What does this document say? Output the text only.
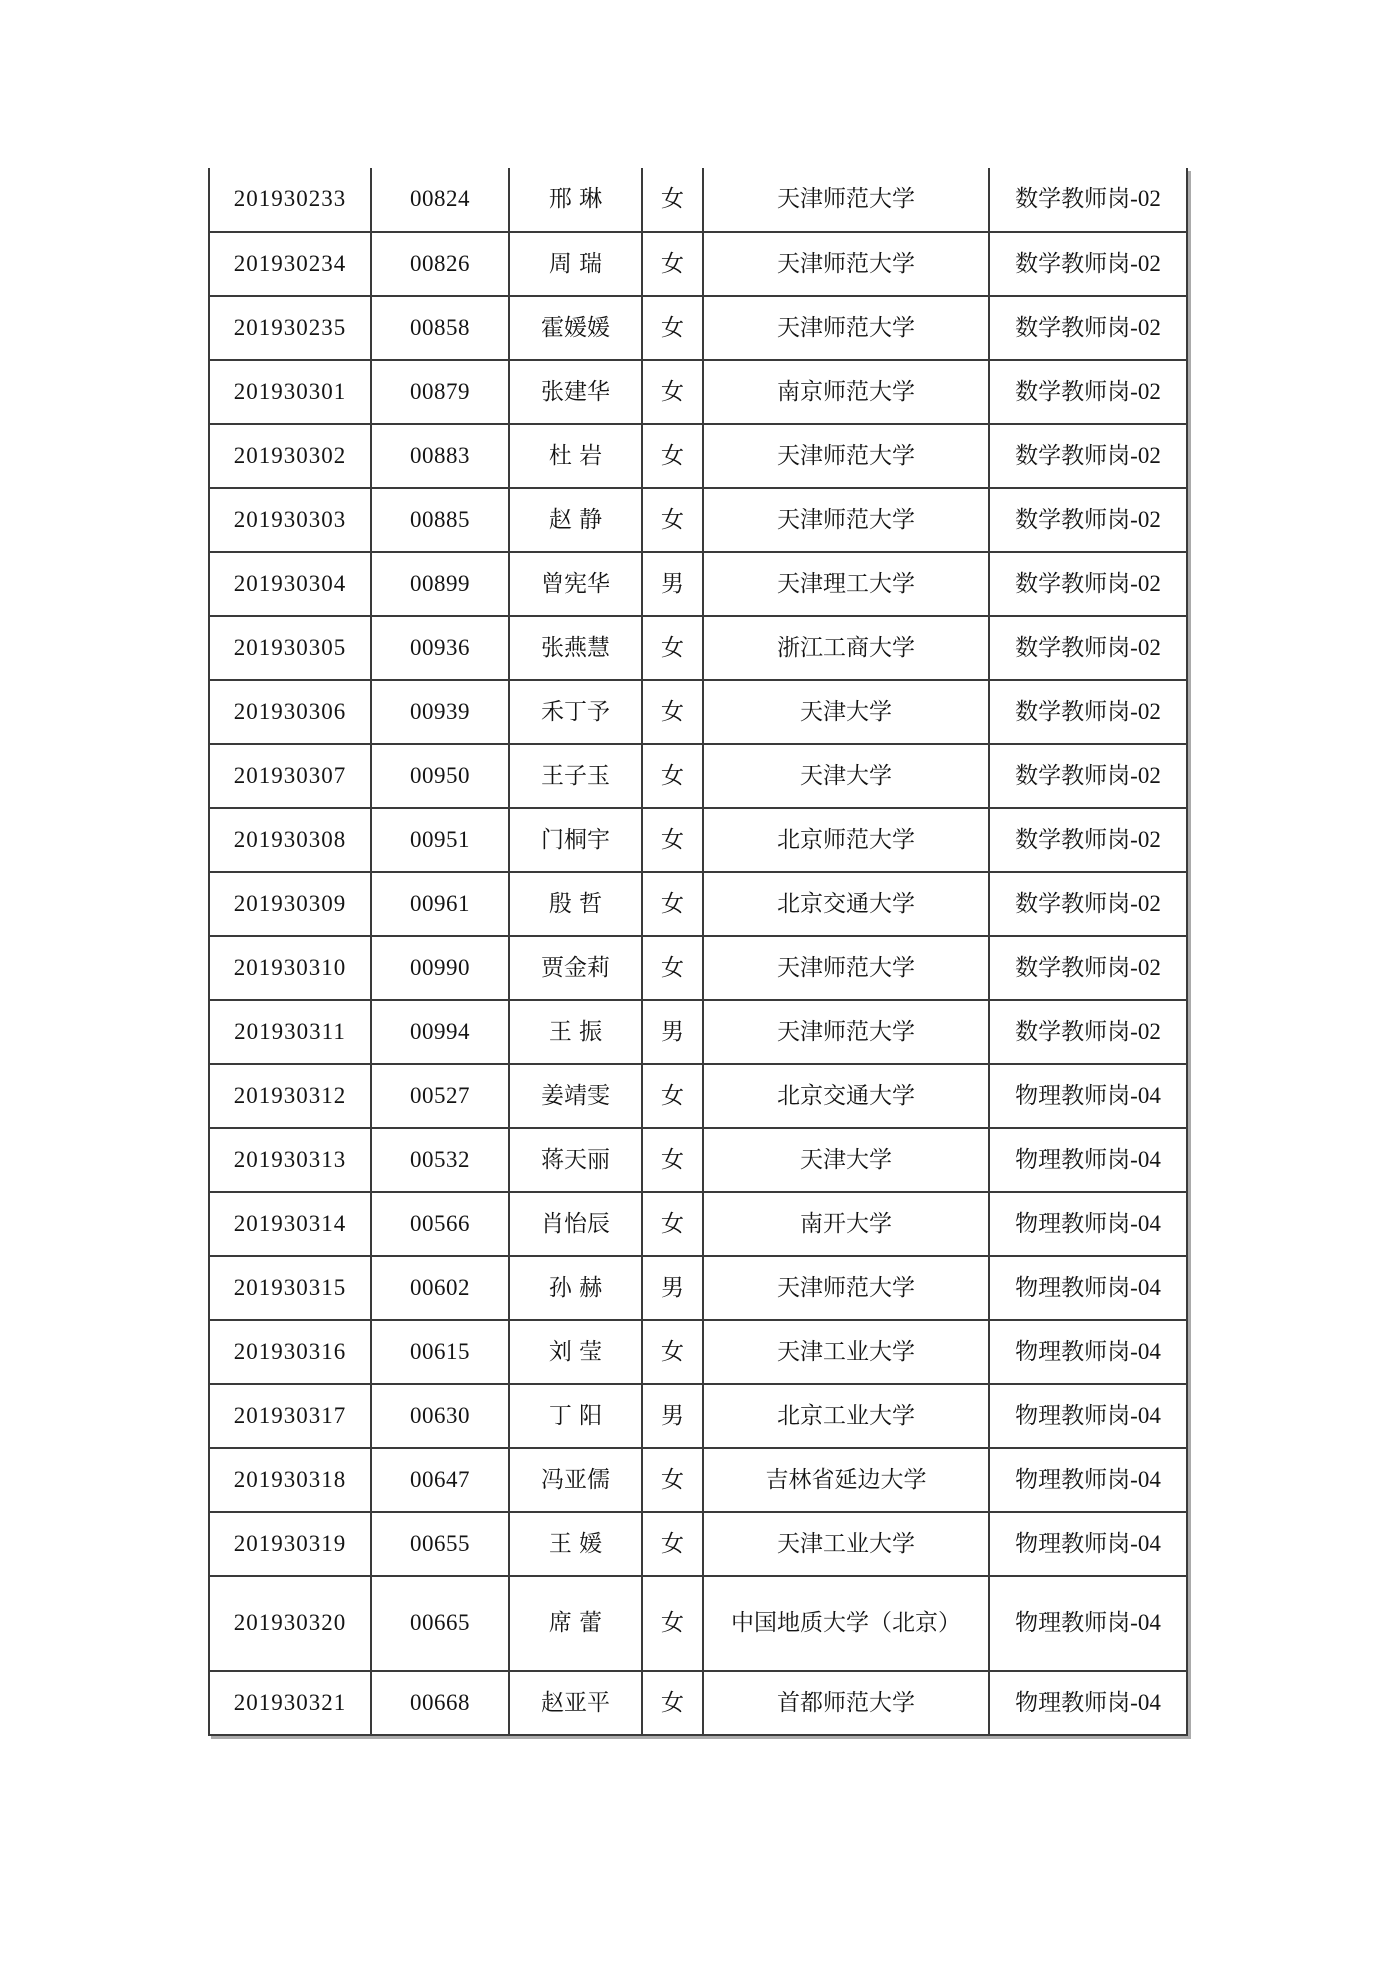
201930233	00824	邢琳	女	天津师范大学	数学教师岗-02
201930234	00826	周瑞	女	天津师范大学	数学教师岗-02
201930235	00858	霍媛媛	女	天津师范大学	数学教师岗-02
201930301	00879	张建华	女	南京师范大学	数学教师岗-02
201930302	00883	杜岩	女	天津师范大学	数学教师岗-02
201930303	00885	赵静	女	天津师范大学	数学教师岗-02
201930304	00899	曾宪华	男	天津理工大学	数学教师岗-02
201930305	00936	张燕慧	女	浙江工商大学	数学教师岗-02
201930306	00939	禾丁予	女	天津大学	数学教师岗-02
201930307	00950	王子玉	女	天津大学	数学教师岗-02
201930308	00951	门桐宇	女	北京师范大学	数学教师岗-02
201930309	00961	殷哲	女	北京交通大学	数学教师岗-02
201930310	00990	贾金莉	女	天津师范大学	数学教师岗-02
201930311	00994	王振	男	天津师范大学	数学教师岗-02
201930312	00527	姜靖雯	女	北京交通大学	物理教师岗-04
201930313	00532	蒋天丽	女	天津大学	物理教师岗-04
201930314	00566	肖怡辰	女	南开大学	物理教师岗-04
201930315	00602	孙赫	男	天津师范大学	物理教师岗-04
201930316	00615	刘莹	女	天津工业大学	物理教师岗-04
201930317	00630	丁阳	男	北京工业大学	物理教师岗-04
201930318	00647	冯亚儒	女	吉林省延边大学	物理教师岗-04
201930319	00655	王媛	女	天津工业大学	物理教师岗-04
201930320	00665	席蕾	女	中国地质大学（北京）	物理教师岗-04
201930321	00668	赵亚平	女	首都师范大学	物理教师岗-04
